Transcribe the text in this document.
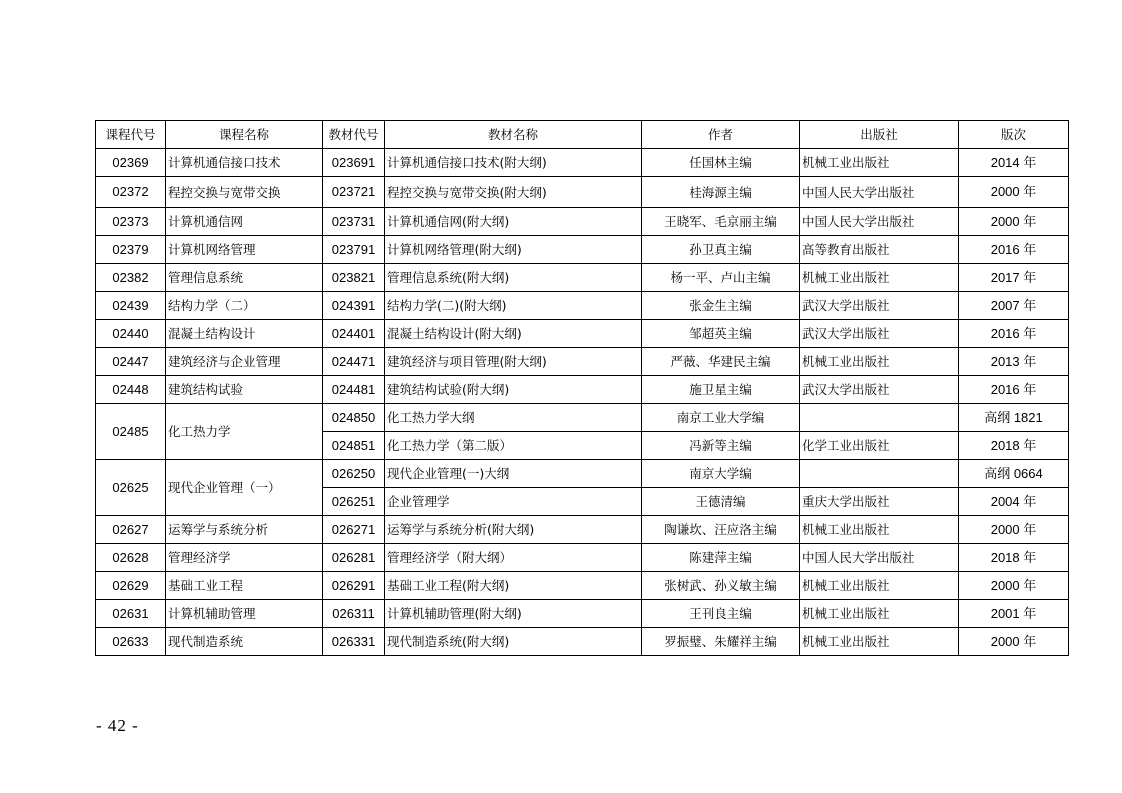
课程代号	课程名称	教材代号	教材名称	作者	出版社	版次
02369	计算机通信接口技术	023691	计算机通信接口技术(附大纲)	任国林主编	机械工业出版社	2014 年
02372	程控交换与宽带交换	023721	程控交换与宽带交换(附大纲)	桂海源主编	中国人民大学出版社	2000 年
02373	计算机通信网	023731	计算机通信网(附大纲)	王晓军、毛京丽主编	中国人民大学出版社	2000 年
02379	计算机网络管理	023791	计算机网络管理(附大纲)	孙卫真主编	高等教育出版社	2016 年
02382	管理信息系统	023821	管理信息系统(附大纲)	杨一平、卢山主编	机械工业出版社	2017 年
02439	结构力学（二）	024391	结构力学(二)(附大纲)	张金生主编	武汉大学出版社	2007 年
02440	混凝土结构设计	024401	混凝土结构设计(附大纲)	邹超英主编	武汉大学出版社	2016 年
02447	建筑经济与企业管理	024471	建筑经济与项目管理(附大纲)	严薇、华建民主编	机械工业出版社	2013 年
02448	建筑结构试验	024481	建筑结构试验(附大纲)	施卫星主编	武汉大学出版社	2016 年
02485	化工热力学	024850	化工热力学大纲	南京工业大学编		高纲 1821
		024851	化工热力学（第二版）	冯新等主编	化学工业出版社	2018 年
02625	现代企业管理（一）	026250	现代企业管理(一)大纲	南京大学编		高纲 0664
		026251	企业管理学	王德清编	重庆大学出版社	2004 年
02627	运筹学与系统分析	026271	运筹学与系统分析(附大纲)	陶谦坎、汪应洛主编	机械工业出版社	2000 年
02628	管理经济学	026281	管理经济学（附大纲）	陈建萍主编	中国人民大学出版社	2018 年
02629	基础工业工程	026291	基础工业工程(附大纲)	张树武、孙义敏主编	机械工业出版社	2000 年
02631	计算机辅助管理	026311	计算机辅助管理(附大纲)	王刊良主编	机械工业出版社	2001 年
02633	现代制造系统	026331	现代制造系统(附大纲)	罗振璧、朱耀祥主编	机械工业出版社	2000 年
- 42 -
